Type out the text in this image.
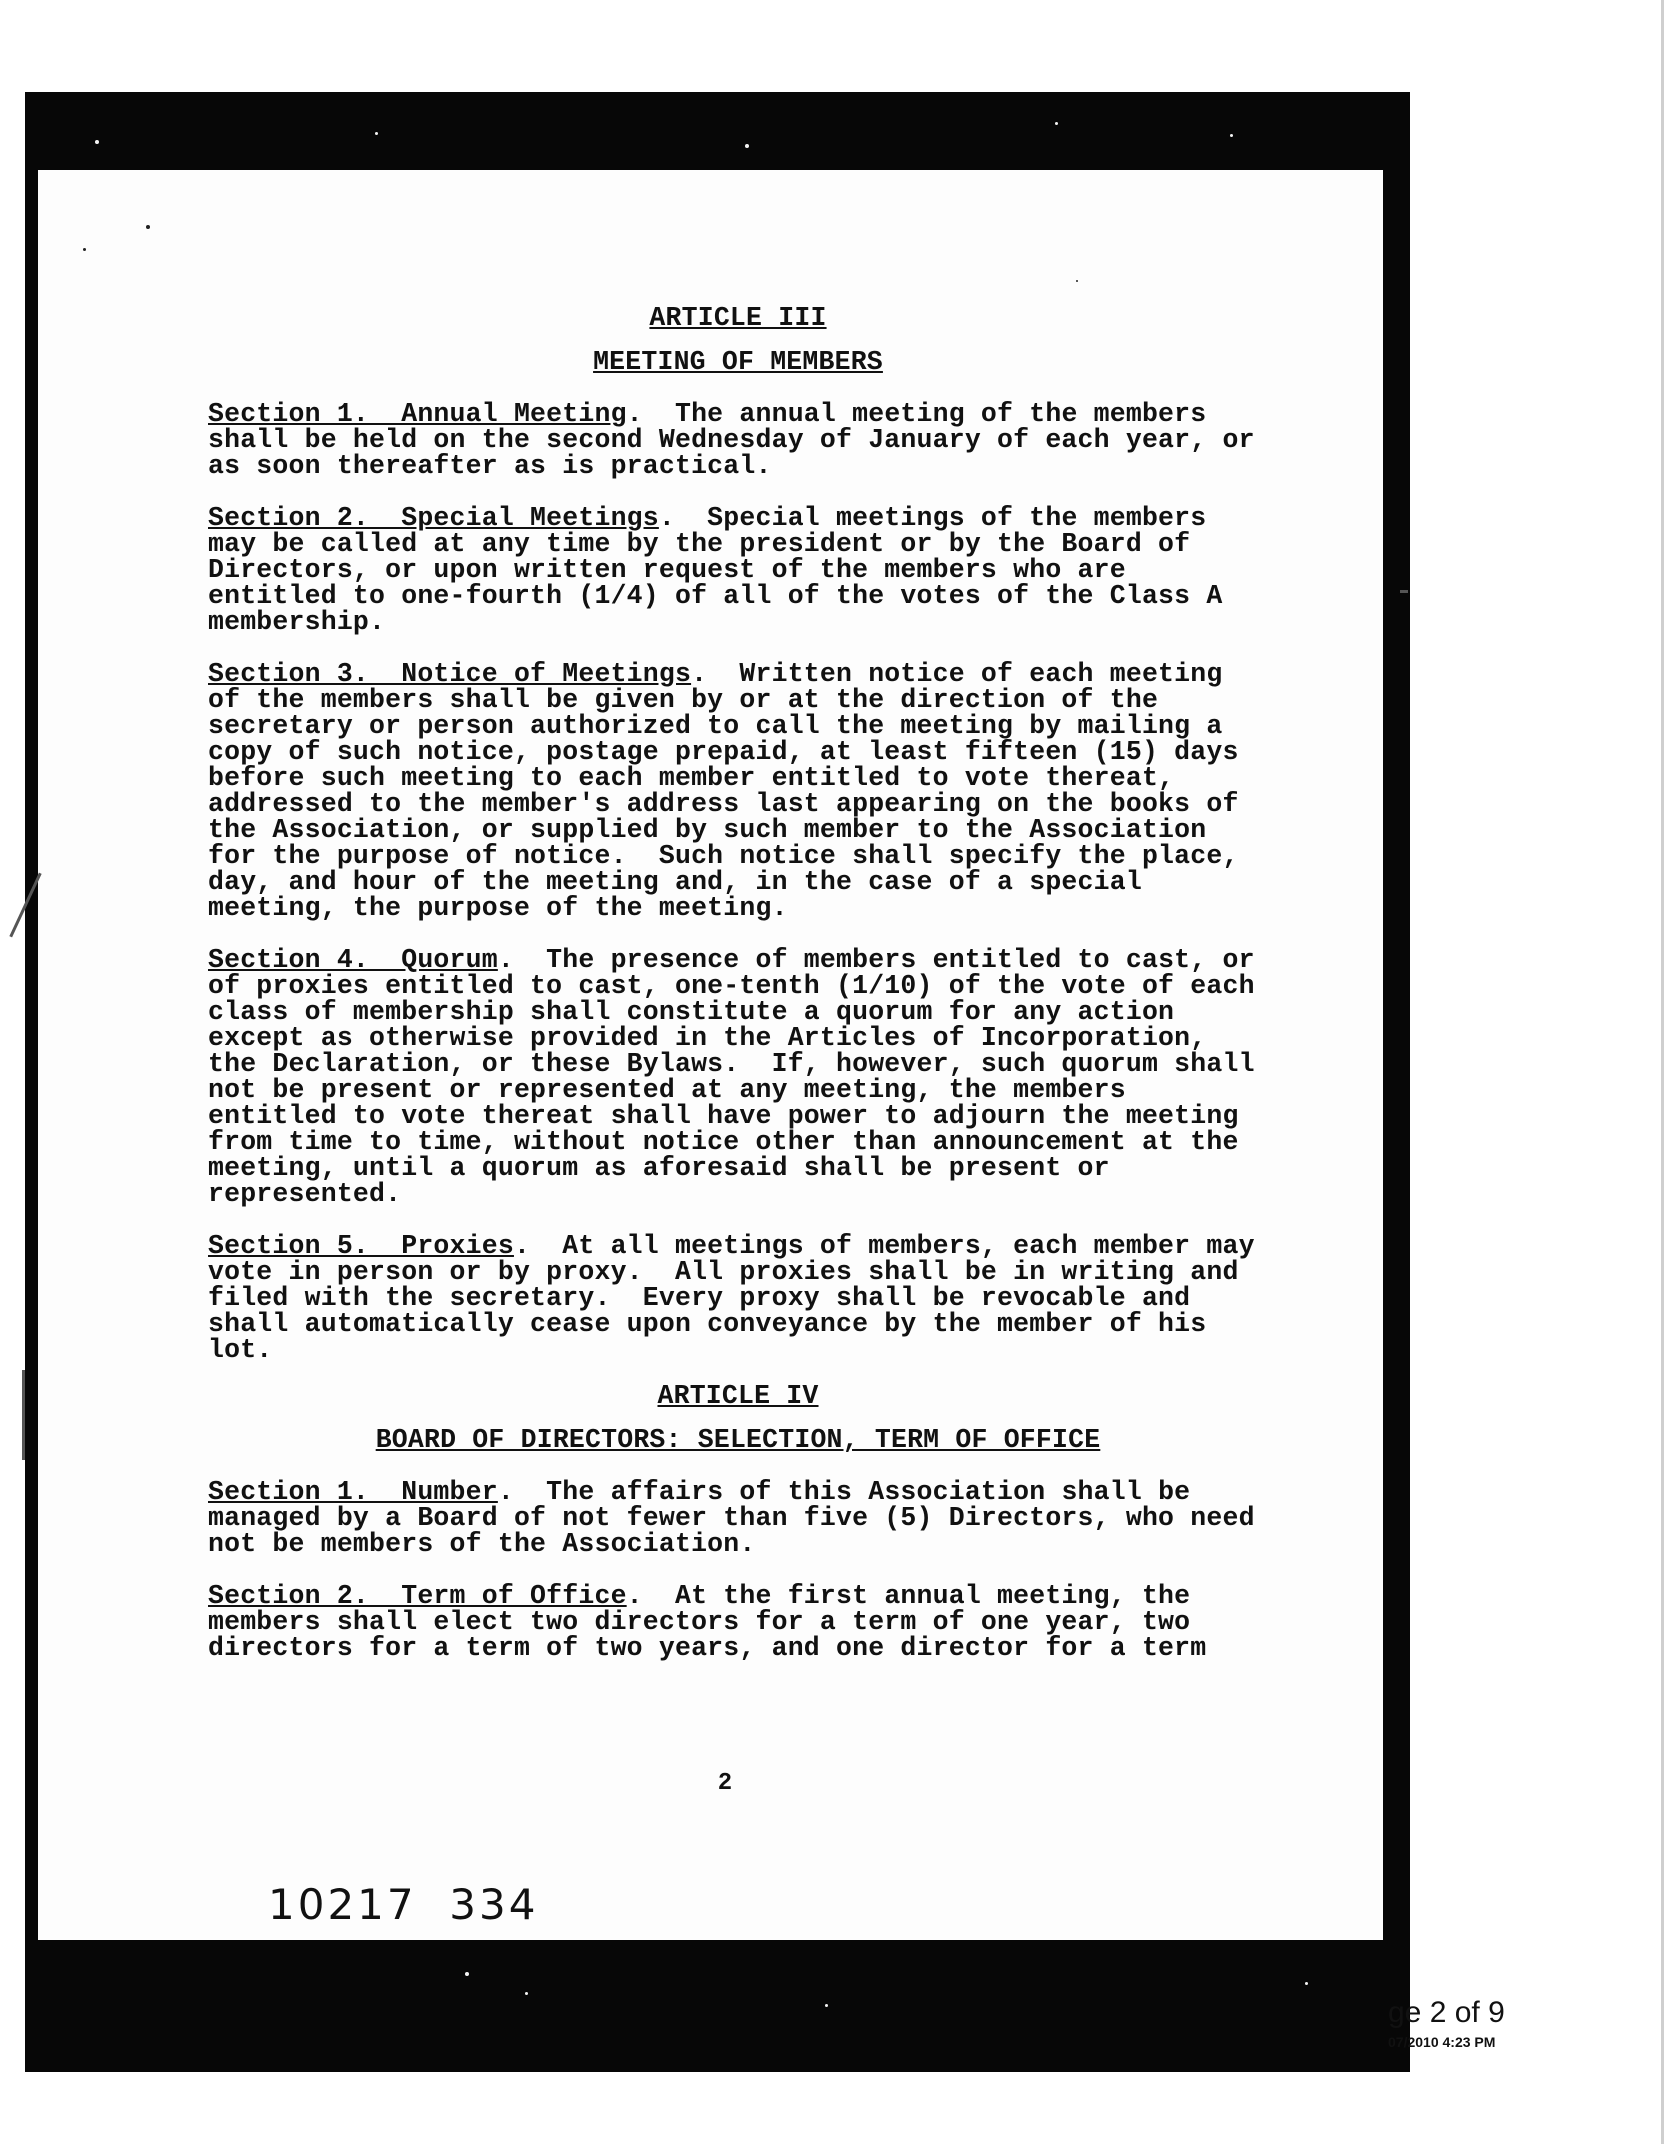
ARTICLE III

MEETING OF MEMBERS

Section 1.  Annual Meeting.  The annual meeting of the members shall be held on the second Wednesday of January of each year, or as soon thereafter as is practical.

Section 2.  Special Meetings.  Special meetings of the members may be called at any time by the president or by the Board of Directors, or upon written request of the members who are entitled to one-fourth (1/4) of all of the votes of the Class A membership.

Section 3.  Notice of Meetings.  Written notice of each meeting of the members shall be given by or at the direction of the secretary or person authorized to call the meeting by mailing a copy of such notice, postage prepaid, at least fifteen (15) days before such meeting to each member entitled to vote thereat, addressed to the member's address last appearing on the books of the Association, or supplied by such member to the Association for the purpose of notice.  Such notice shall specify the place, day, and hour of the meeting and, in the case of a special meeting, the purpose of the meeting.

Section 4.  Quorum.  The presence of members entitled to cast, or of proxies entitled to cast, one-tenth (1/10) of the vote of each class of membership shall constitute a quorum for any action except as otherwise provided in the Articles of Incorporation, the Declaration, or these Bylaws.  If, however, such quorum shall not be present or represented at any meeting, the members entitled to vote thereat shall have power to adjourn the meeting from time to time, without notice other than announcement at the meeting, until a quorum as aforesaid shall be present or represented.

Section 5.  Proxies.  At all meetings of members, each member may vote in person or by proxy.  All proxies shall be in writing and filed with the secretary.  Every proxy shall be revocable and shall automatically cease upon conveyance by the member of his lot.

ARTICLE IV

BOARD OF DIRECTORS: SELECTION, TERM OF OFFICE

Section 1.  Number.  The affairs of this Association shall be managed by a Board of not fewer than five (5) Directors, who need not be members of the Association.

Section 2.  Term of Office.  At the first annual meeting, the members shall elect two directors for a term of one year, two directors for a term of two years, and one director for a term

2
10217  334
ge 2 of 9
07/2010 4:23 PM
